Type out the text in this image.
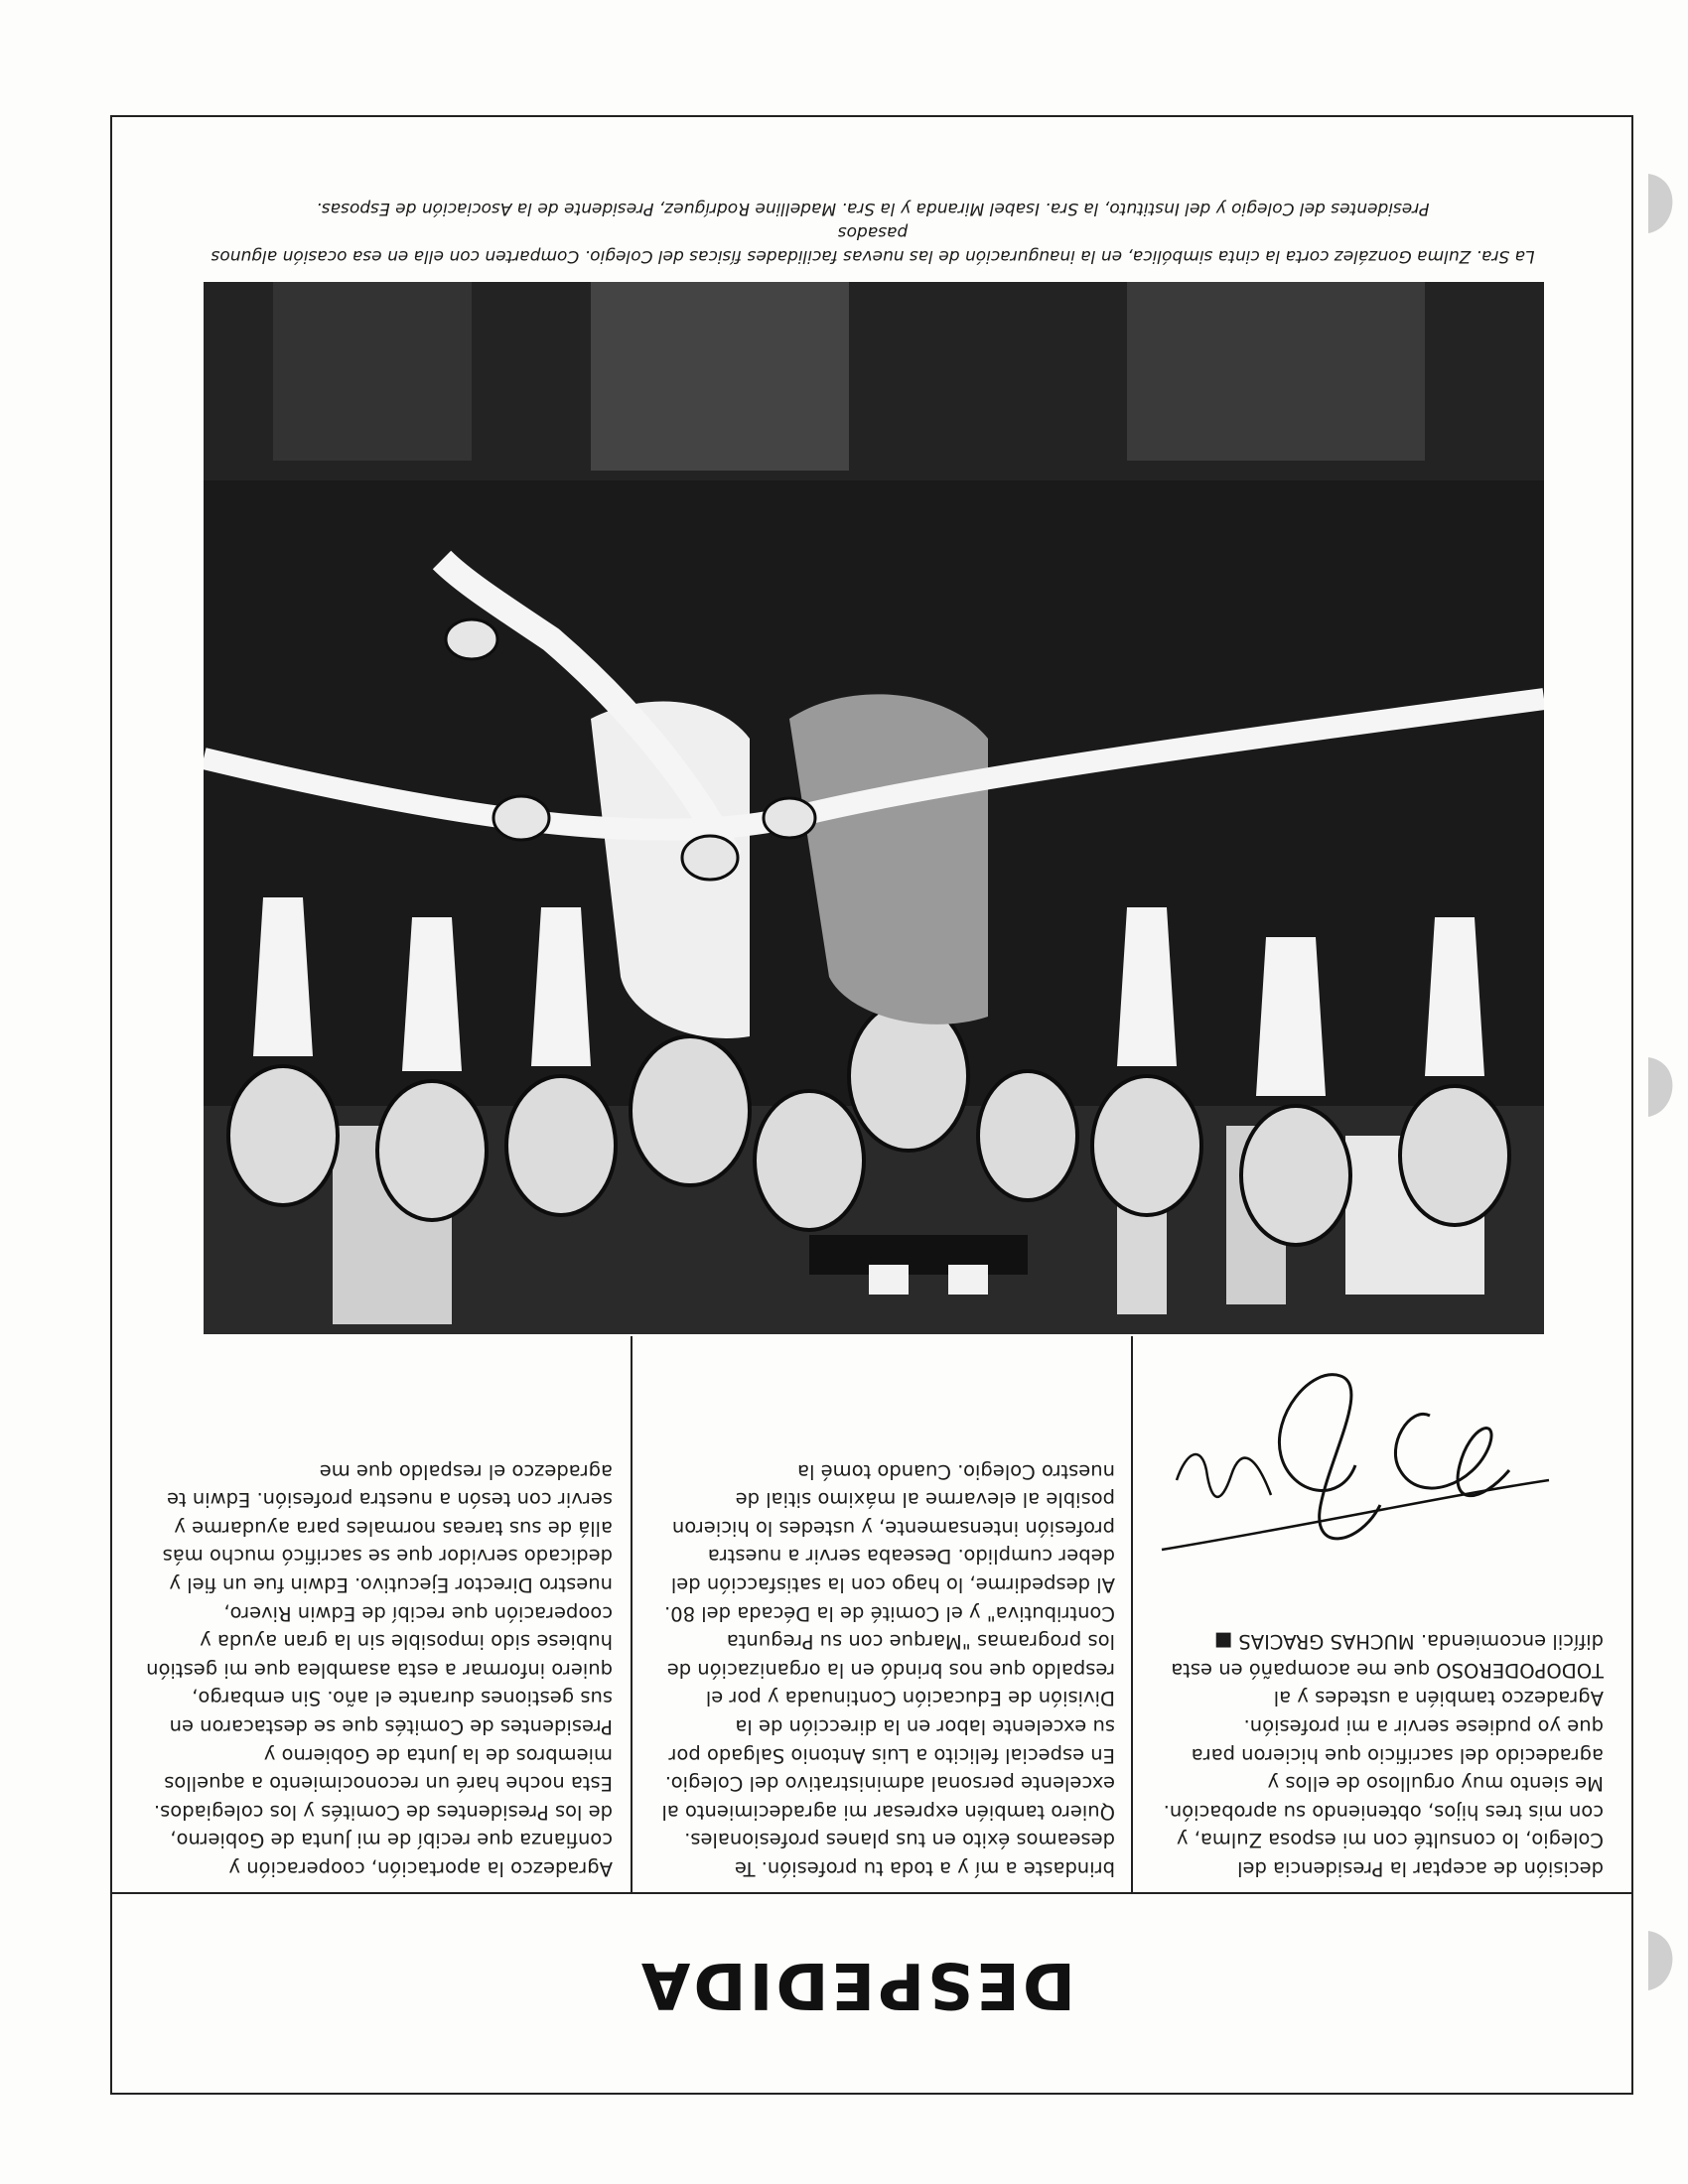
DESPEDIDA

decisión de aceptar la Presidencia del Colegio, lo consulté con mi esposa Zulma, y con mis tres hijos, obteniendo su aprobación. Me siento muy orgulloso de ellos y agradecido del sacrificio que hicieron para que yo pudiese servir a mi profesión.

Agradezco también a ustedes y al TODOPODEROSO que me acompañó en esta difícil encomienda. MUCHAS GRACIAS ■

brindaste a mí y a toda tu profesión. Te deseamos éxito en tus planes profesionales.

Quiero también expresar mi agradecimiento al excelente personal administrativo del Colegio. En especial felicito a Luis Antonio Salgado por su excelente labor en la dirección de la División de Educación Continuada y por el respaldo que nos brindó en la organización de los programas "Marque con su Pregunta Contributiva" y el Comité de la Década del 80.

Al despedirme, lo hago con la satisfacción del deber cumplido. Deseaba servir a nuestra profesión intensamente, y ustedes lo hicieron posible al elevarme al máximo sitial de nuestro Colegio. Cuando tomé la

Agradezco la aportación, cooperación y confianza que recibí de mi Junta de Gobierno, de los Presidentes de Comités y los colegiados. Esta noche haré un reconocimiento a aquellos miembros de la Junta de Gobierno y Presidentes de Comités que se destacaron en sus gestiones durante el año. Sin embargo, quiero informar a esta asamblea que mi gestión hubiese sido imposible sin la gran ayuda y cooperación que recibí de Edwin Rivero, nuestro Director Ejecutivo. Edwin fue un fiel y dedicado servidor que se sacrificó mucho más allá de sus tareas normales para ayudarme y servir con tesón a nuestra profesión. Edwin te agradezco el respaldo que me

La Sra. Zulma González corta la cinta simbólica, en la inauguración de las nuevas facilidades físicas del Colegio. Comparten con ella en esa ocasión algunos pasados

Presidentes del Colegio y del Instituto, la Sra. Isabel Miranda y la Sra. Madelline Rodríguez, Presidente de la Asociación de Esposas.
